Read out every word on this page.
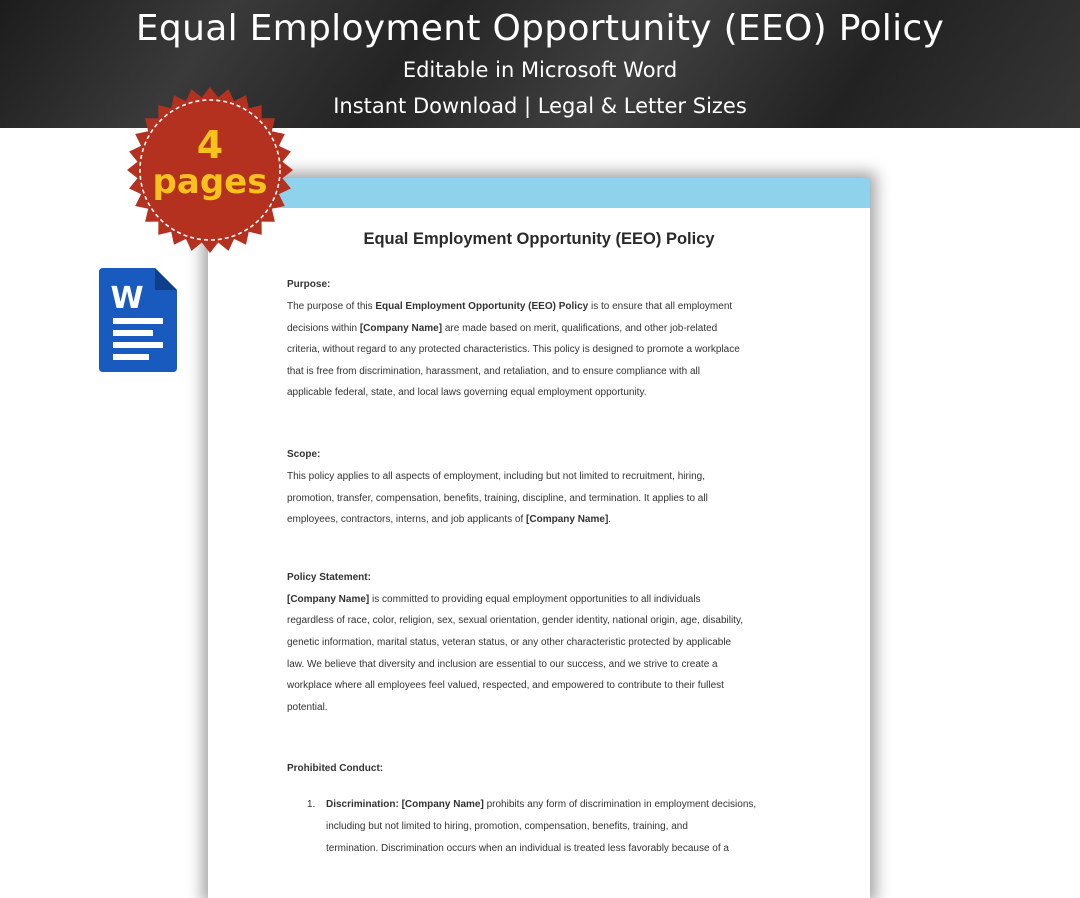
Equal Employment Opportunity (EEO) Policy
Editable in Microsoft Word
Instant Download | Legal & Letter Sizes
4
pages
W
Equal Employment Opportunity (EEO) Policy
Purpose:

The purpose of this Equal Employment Opportunity (EEO) Policy is to ensure that all employment

decisions within [Company Name] are made based on merit, qualifications, and other job-related

criteria, without regard to any protected characteristics. This policy is designed to promote a workplace

that is free from discrimination, harassment, and retaliation, and to ensure compliance with all

applicable federal, state, and local laws governing equal employment opportunity.

Scope:

This policy applies to all aspects of employment, including but not limited to recruitment, hiring,

promotion, transfer, compensation, benefits, training, discipline, and termination. It applies to all

employees, contractors, interns, and job applicants of [Company Name].

Policy Statement:

[Company Name] is committed to providing equal employment opportunities to all individuals

regardless of race, color, religion, sex, sexual orientation, gender identity, national origin, age, disability,

genetic information, marital status, veteran status, or any other characteristic protected by applicable

law. We believe that diversity and inclusion are essential to our success, and we strive to create a

workplace where all employees feel valued, respected, and empowered to contribute to their fullest

potential.

Prohibited Conduct:
1. Discrimination: [Company Name] prohibits any form of discrimination in employment decisions,

including but not limited to hiring, promotion, compensation, benefits, training, and

termination. Discrimination occurs when an individual is treated less favorably because of a
